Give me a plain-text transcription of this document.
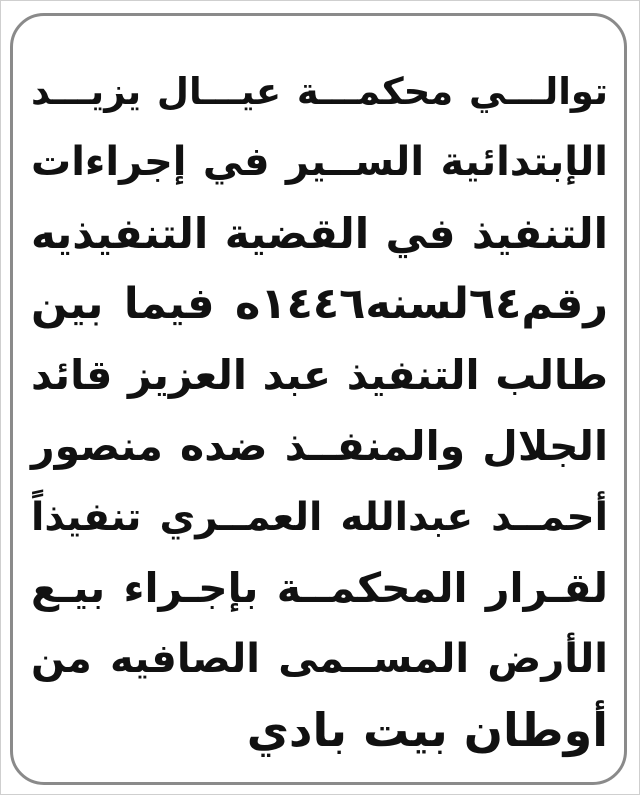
توالـــي محكمـــة عيـــال يزيـــد
الإبتدائية الســير في إجراءات
التنفيذ في القضية التنفيذيه
رقم٦٤لسنه١٤٤٦ه فيما بين
طالب التنفيذ عبد العزيز قائد
الجلال والمنفــذ ضده منصور
أحمــد عبدالله العمــري تنفيذاً
لقـرار المحكمــة بإجـراء بيـع
الأرض المســمى الصافيه من
أوطان بيت بادي
